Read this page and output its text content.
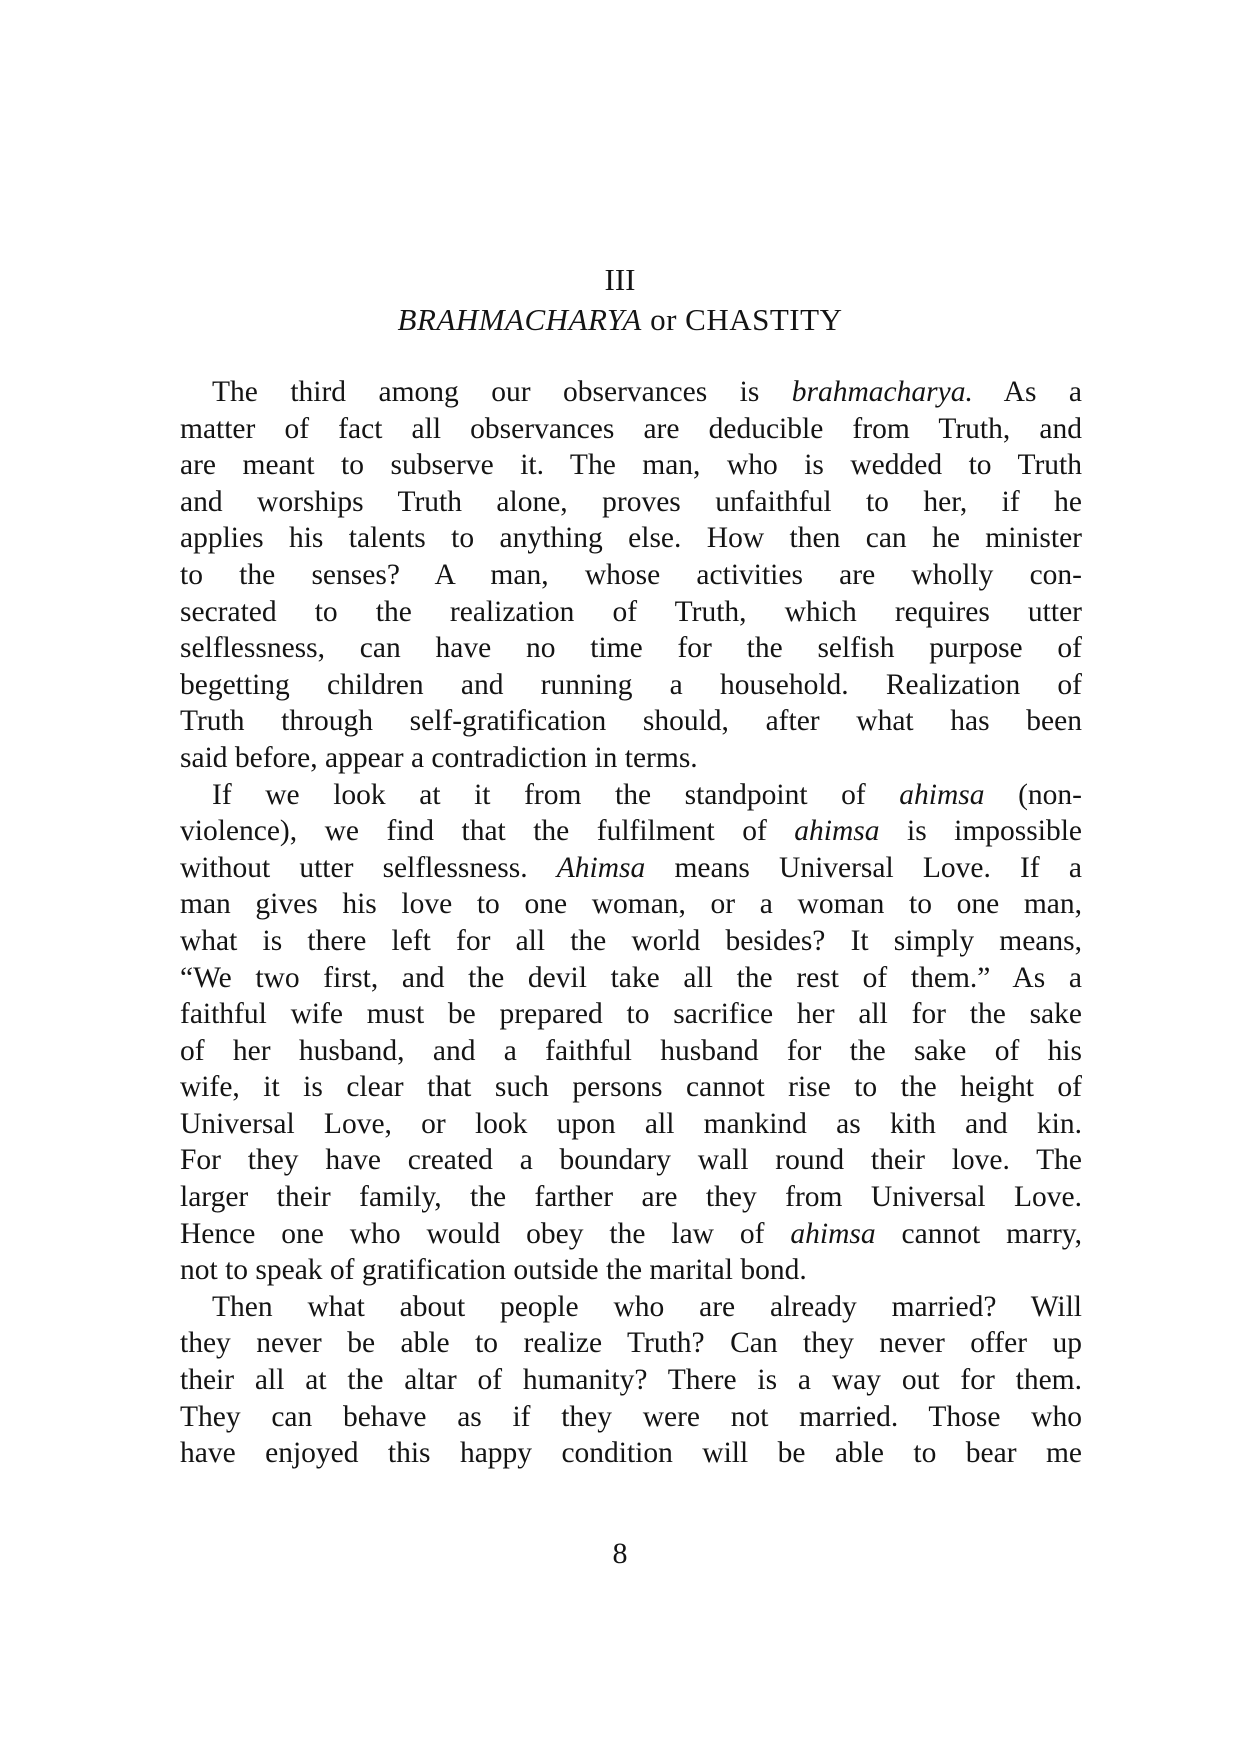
III
BRAHMACHARYA or CHASTITY
The third among our observances is brahmacharya. As a
matter of fact all observances are deducible from Truth, and
are meant to subserve it. The man, who is wedded to Truth
and worships Truth alone, proves unfaithful to her, if he
applies his talents to anything else. How then can he minister
to the senses? A man, whose activities are wholly con-
secrated to the realization of Truth, which requires utter
selflessness, can have no time for the selfish purpose of
begetting children and running a household. Realization of
Truth through self-gratification should, after what has been
said before, appear a contradiction in terms.
If we look at it from the standpoint of ahimsa (non-
violence), we find that the fulfilment of ahimsa is impossible
without utter selflessness. Ahimsa means Universal Love. If a
man gives his love to one woman, or a woman to one man,
what is there left for all the world besides? It simply means,
“We two first, and the devil take all the rest of them.” As a
faithful wife must be prepared to sacrifice her all for the sake
of her husband, and a faithful husband for the sake of his
wife, it is clear that such persons cannot rise to the height of
Universal Love, or look upon all mankind as kith and kin.
For they have created a boundary wall round their love. The
larger their family, the farther are they from Universal Love.
Hence one who would obey the law of ahimsa cannot marry,
not to speak of gratification outside the marital bond.
Then what about people who are already married? Will
they never be able to realize Truth? Can they never offer up
their all at the altar of humanity? There is a way out for them.
They can behave as if they were not married. Those who
have enjoyed this happy condition will be able to bear me
8
